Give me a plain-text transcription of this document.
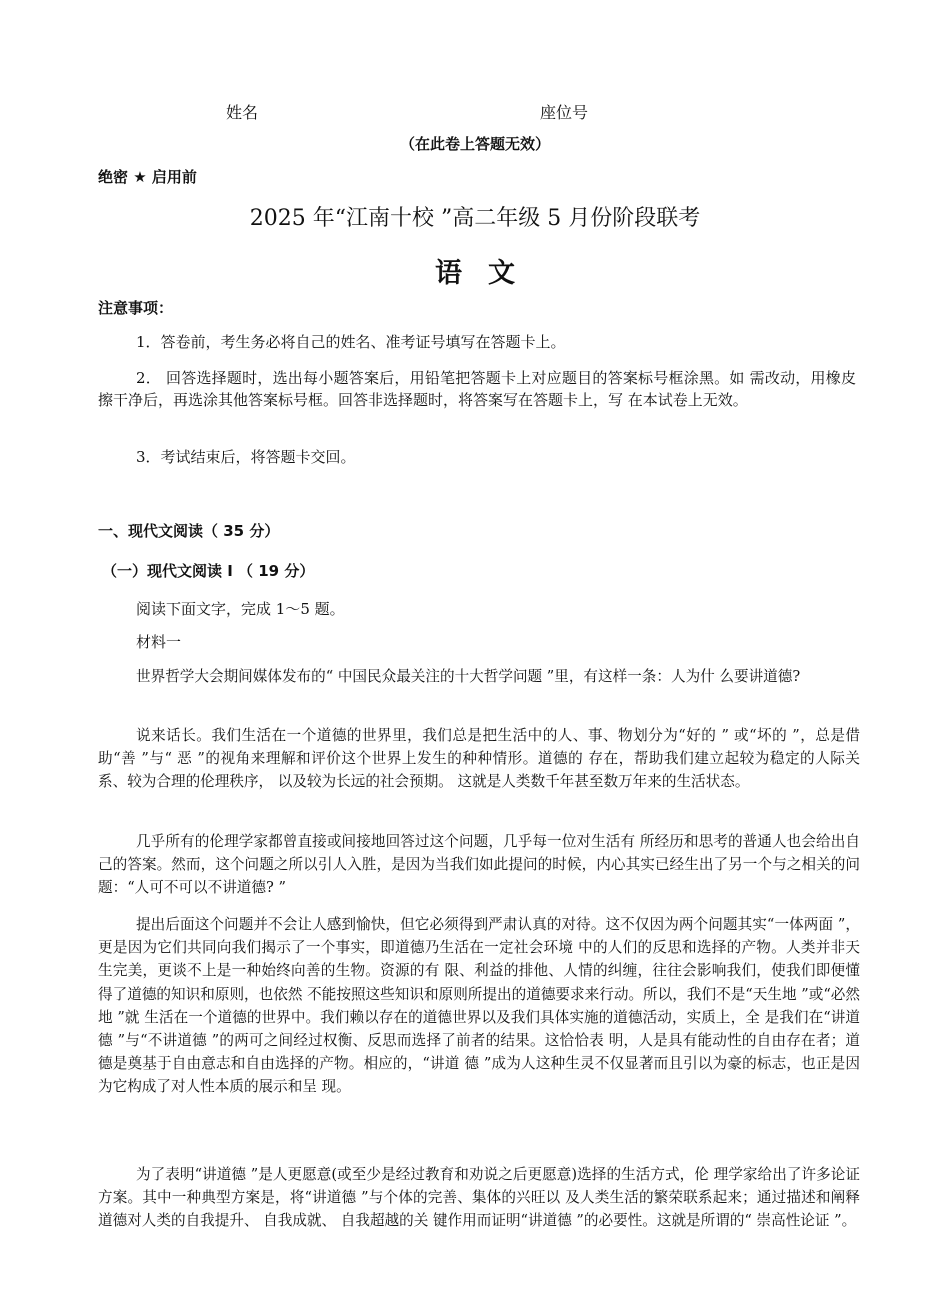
姓名	座位号
（在此卷上答题无效）
绝密 ★ 启用前
2025 年“江南十校 ”高二年级 5 月份阶段联考
语文
注意事项：
1．答卷前，考生务必将自己的姓名、准考证号填写在答题卡上。
2． 回答选择题时，选出每小题答案后，用铅笔把答题卡上对应题目的答案标号框涂黑。如 需改动，用橡皮擦干净后，再选涂其他答案标号框。回答非选择题时，将答案写在答题卡上，写 在本试卷上无效。
3．考试结束后，将答题卡交回。
一、现代文阅读（ 35 分）
（一）现代文阅读 I （ 19 分）
阅读下面文字，完成 1～5 题。
材料一
世界哲学大会期间媒体发布的“ 中国民众最关注的十大哲学问题 ”里，有这样一条：人为什 么要讲道德?
说来话长。我们生活在一个道德的世界里，我们总是把生活中的人、事、物划分为“好的 ” 或“坏的 ”，总是借助“善 ”与“ 恶 ”的视角来理解和评价这个世界上发生的种种情形。道德的 存在，帮助我们建立起较为稳定的人际关系、较为合理的伦理秩序， 以及较为长远的社会预期。 这就是人类数千年甚至数万年来的生活状态。
几乎所有的伦理学家都曾直接或间接地回答过这个问题，几乎每一位对生活有 所经历和思考的普通人也会给出自己的答案。然而，这个问题之所以引人入胜，是因为当我们如此提问的时候，内心其实已经生出了另一个与之相关的问题：“人可不可以不讲道德? ”
提出后面这个问题并不会让人感到愉快，但它必须得到严肃认真的对待。这不仅因为两个问题其实“一体两面 ”，更是因为它们共同向我们揭示了一个事实，即道德乃生活在一定社会环境 中的人们的反思和选择的产物。人类并非天生完美，更谈不上是一种始终向善的生物。资源的有 限、利益的排他、人情的纠缠，往往会影响我们，使我们即便懂得了道德的知识和原则，也依然 不能按照这些知识和原则所提出的道德要求来行动。所以，我们不是“天生地 ”或“必然地 ”就 生活在一个道德的世界中。我们赖以存在的道德世界以及我们具体实施的道德活动，实质上，全 是我们在“讲道德 ”与“不讲道德 ”的两可之间经过权衡、反思而选择了前者的结果。这恰恰表 明，人是具有能动性的自由存在者；道德是奠基于自由意志和自由选择的产物。相应的，“讲道 德 ”成为人这种生灵不仅显著而且引以为豪的标志，也正是因为它构成了对人性本质的展示和呈 现。
为了表明“讲道德 ”是人更愿意(或至少是经过教育和劝说之后更愿意)选择的生活方式，伦 理学家给出了许多论证方案。其中一种典型方案是，将“讲道德 ”与个体的完善、集体的兴旺以 及人类生活的繁荣联系起来；通过描述和阐释道德对人类的自我提升、 自我成就、 自我超越的关 键作用而证明“讲道德 ”的必要性。这就是所谓的“ 崇高性论证 ”。
